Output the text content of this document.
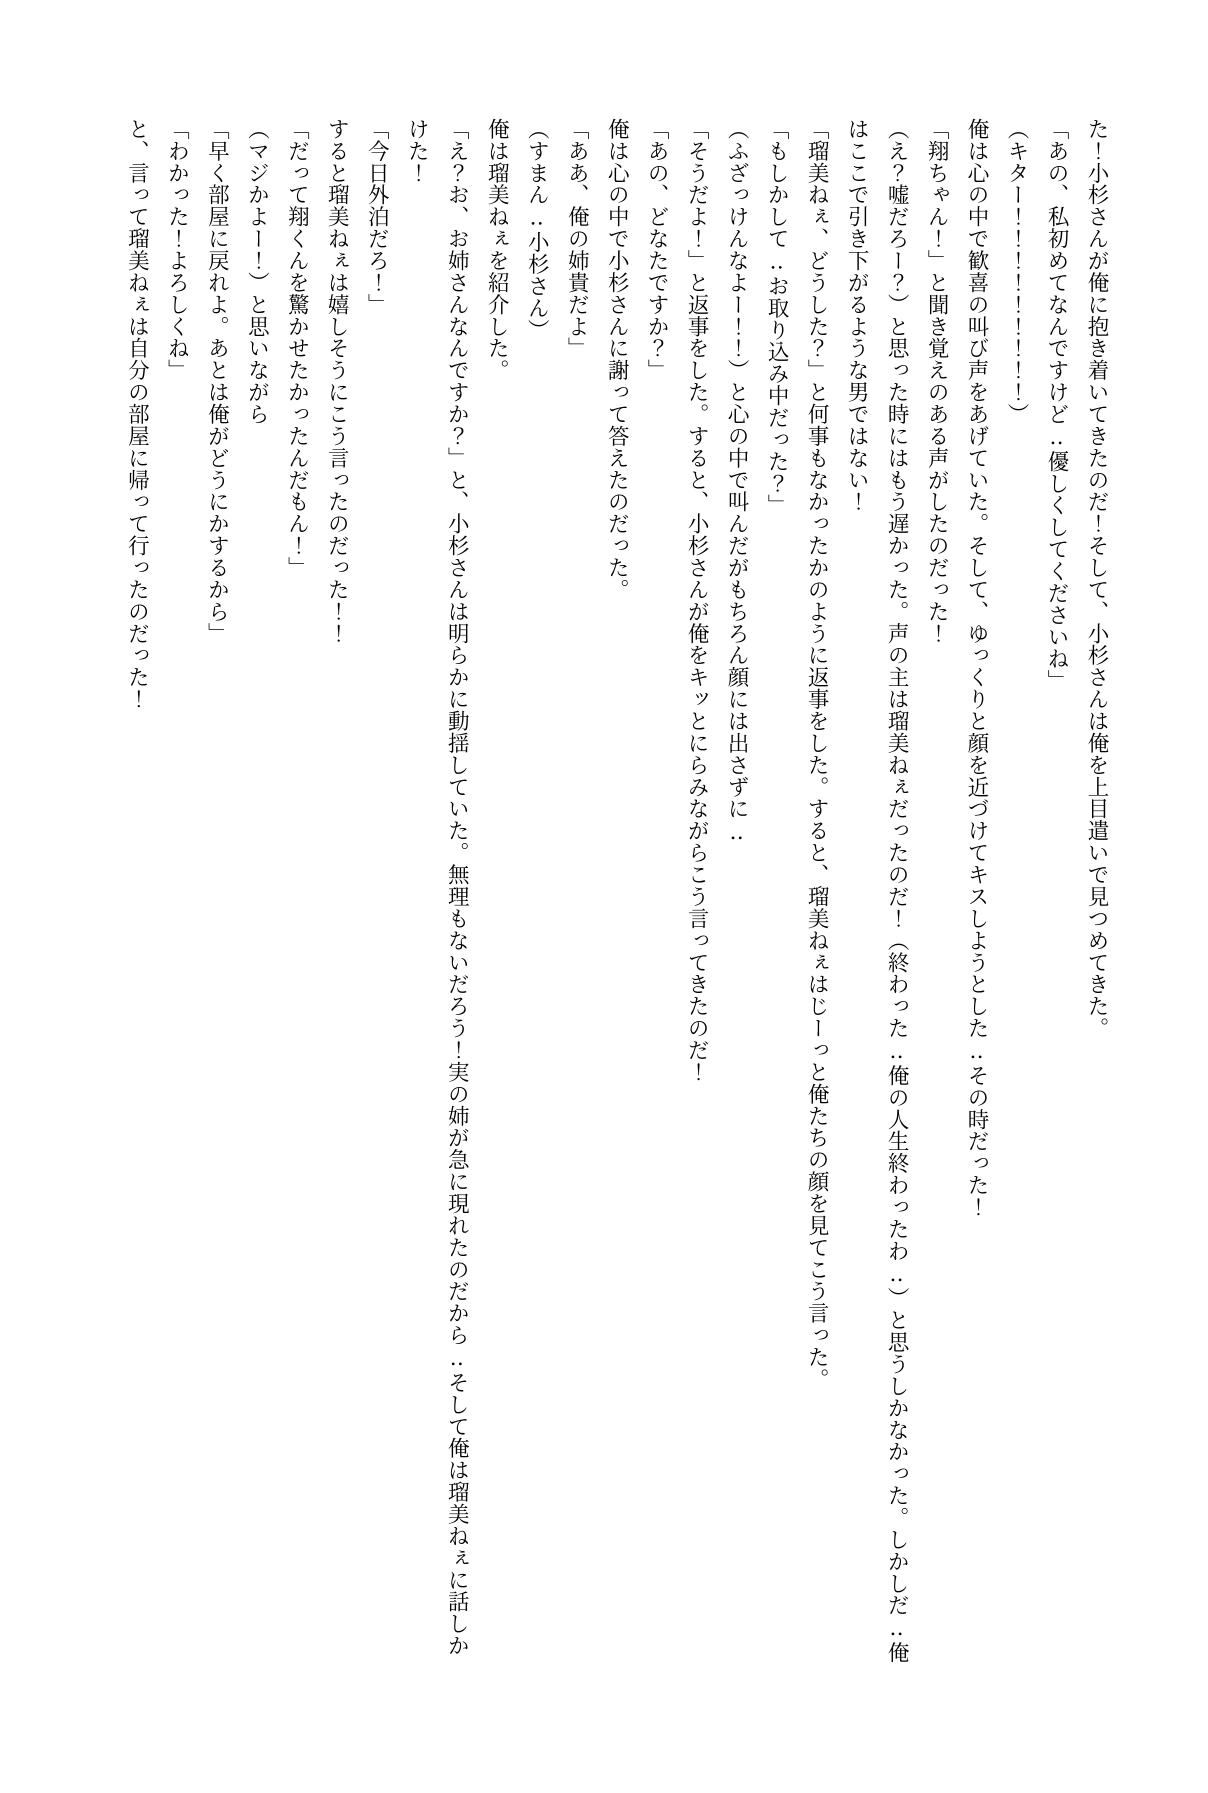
た！小杉さんが俺に抱き着いてきたのだ！そして、小杉さんは俺を上目遣いで見つめてきた。

「あの、私初めてなんですけど‥優しくしてくださいね」

（キター！！！！！！！！！）

俺は心の中で歓喜の叫び声をあげていた。そして、ゆっくりと顔を近づけてキスしようとした‥その時だった！

「翔ちゃん！」と聞き覚えのある声がしたのだった！

（え？嘘だろー？）と思った時にはもう遅かった。声の主は瑠美ねぇだったのだ！（終わった‥俺の人生終わったわ‥）と思うしかなかった。しかしだ‥俺はここで引き下がるような男ではない！

「瑠美ねぇ、どうした？」と何事もなかったかのように返事をした。すると、瑠美ねぇはじーっと俺たちの顔を見てこう言った。

「もしかして‥お取り込み中だった？」

（ふざっけんなよー！！）と心の中で叫んだがもちろん顔には出さずに‥

「そうだよ！」と返事をした。すると、小杉さんが俺をキッとにらみながらこう言ってきたのだ！

「あの、どなたですか？」

俺は心の中で小杉さんに謝って答えたのだった。

「ああ、俺の姉貴だよ」

（すまん‥小杉さん）

俺は瑠美ねぇを紹介した。

「え？お、お姉さんなんですか？」と、小杉さんは明らかに動揺していた。無理もないだろう！実の姉が急に現れたのだから‥そして俺は瑠美ねぇに話しかけた！

「今日外泊だろ！」

すると瑠美ねぇは嬉しそうにこう言ったのだった！！

「だって翔くんを驚かせたかったんだもん！」

（マジかよー！）と思いながら

「早く部屋に戻れよ。あとは俺がどうにかするから」

「わかった！よろしくね」

と、言って瑠美ねぇは自分の部屋に帰って行ったのだった！
